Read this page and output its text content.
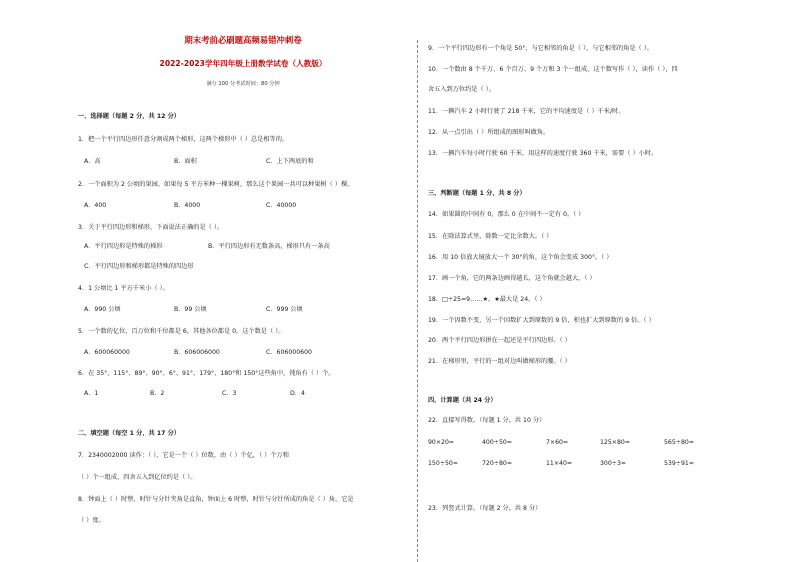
期末考前必刷题高频易错冲刺卷
2022-2023学年四年级上册数学试卷（人教版）
满分 100 分考试时间：80 分钟
一、选择题（每题 2 分，共 12 分）
1．把一个平行四边形任意分割成两个梯形，这两个梯形中（ ）总是相等的。
A．高	B．面积	C．上下两底的和
2．一个面积为 2 公顷的果园，如果每 5 平方米种一棵果树，那么这个果园一共可以种果树（ ）棵。
A．400	B．4000	C．40000
3．关于平行四边形和梯形，下面说法正确的是（ ）。
A．平行四边形是特殊的梯形	B．平行四边形有无数条高，梯形只有一条高
C．平行四边形和梯形都是特殊的四边形
4．1 公顷比 1 平方千米小（ ）。
A．990 公顷	B．99 公顷	C．999 公顷
5．一个数的亿位、百万位和千位都是 6，其他各位都是 0，这个数是（ ）。
A．600060000	B．606006000	C．606000600
6．在 35°、115°、89°、90°、6°、91°、179°、180°和 150°这些角中，钝角有（ ）个。
A．1	B．2	C．3	D．4
二、填空题（每空 1 分，共 17 分）
7．2340002000 读作：（ ），它是一个（ ）位数，由（ ）个亿，（ ）个万和
（ ）个一组成，四舍五入到亿位约是（ ）。
8．钟面上（ ）时整，时针与分针夹角是直角，钟面上 6 时整，时针与分针所成的角是（ ）角，它是
（ ）度。
9．一个平行四边形有一个角是 50°，与它相邻的角是（ ），与它相邻的角是（ ）。
10．一个数由 8 个千万、6 个百万、9 个万和 3 个一组成，这个数写作（ ），读作（ ），四
舍五入到万位约是（ ）。
11．一辆汽车 2 小时行驶了 218 千米，它的平均速度是（ ）千米/时。
12．从一点引出（ ）所组成的图形叫做角。
13．一辆汽车每小时行驶 60 千米，用这样的速度行驶 360 千米，需要（ ）小时。
三、判断题（每题 1 分，共 8 分）
14．如果圆的中间有 0，那么 0 在中间不一定有 0。（ ）
15．在除法算式里，除数一定比余数大。（ ）
16．用 10 倍放大镜放大一个 30°的角，这个角会变成 300°。（ ）
17．画一个角，它的两条边画得越长，这个角就会越大。（ ）
18．□÷25=9……★，★最大是 24。（ ）
19．一个因数不变，另一个因数扩大到原数的 9 倍，积也扩大到原数的 9 倍。（ ）
20．两个平行四边形拼在一起还是平行四边形。（ ）
21．在梯形里，平行的一组对边叫做梯形的腰。（ ）
四、计算题（共 24 分）
22．直接写得数。（每题 1 分，共 10 分）
90×20=	400÷50=	7×60=	125×80=	565÷80≈
150÷50=	720÷80=	11×40=	300÷3=	539÷91≈
23．列竖式计算。（每题 2 分，共 8 分）
